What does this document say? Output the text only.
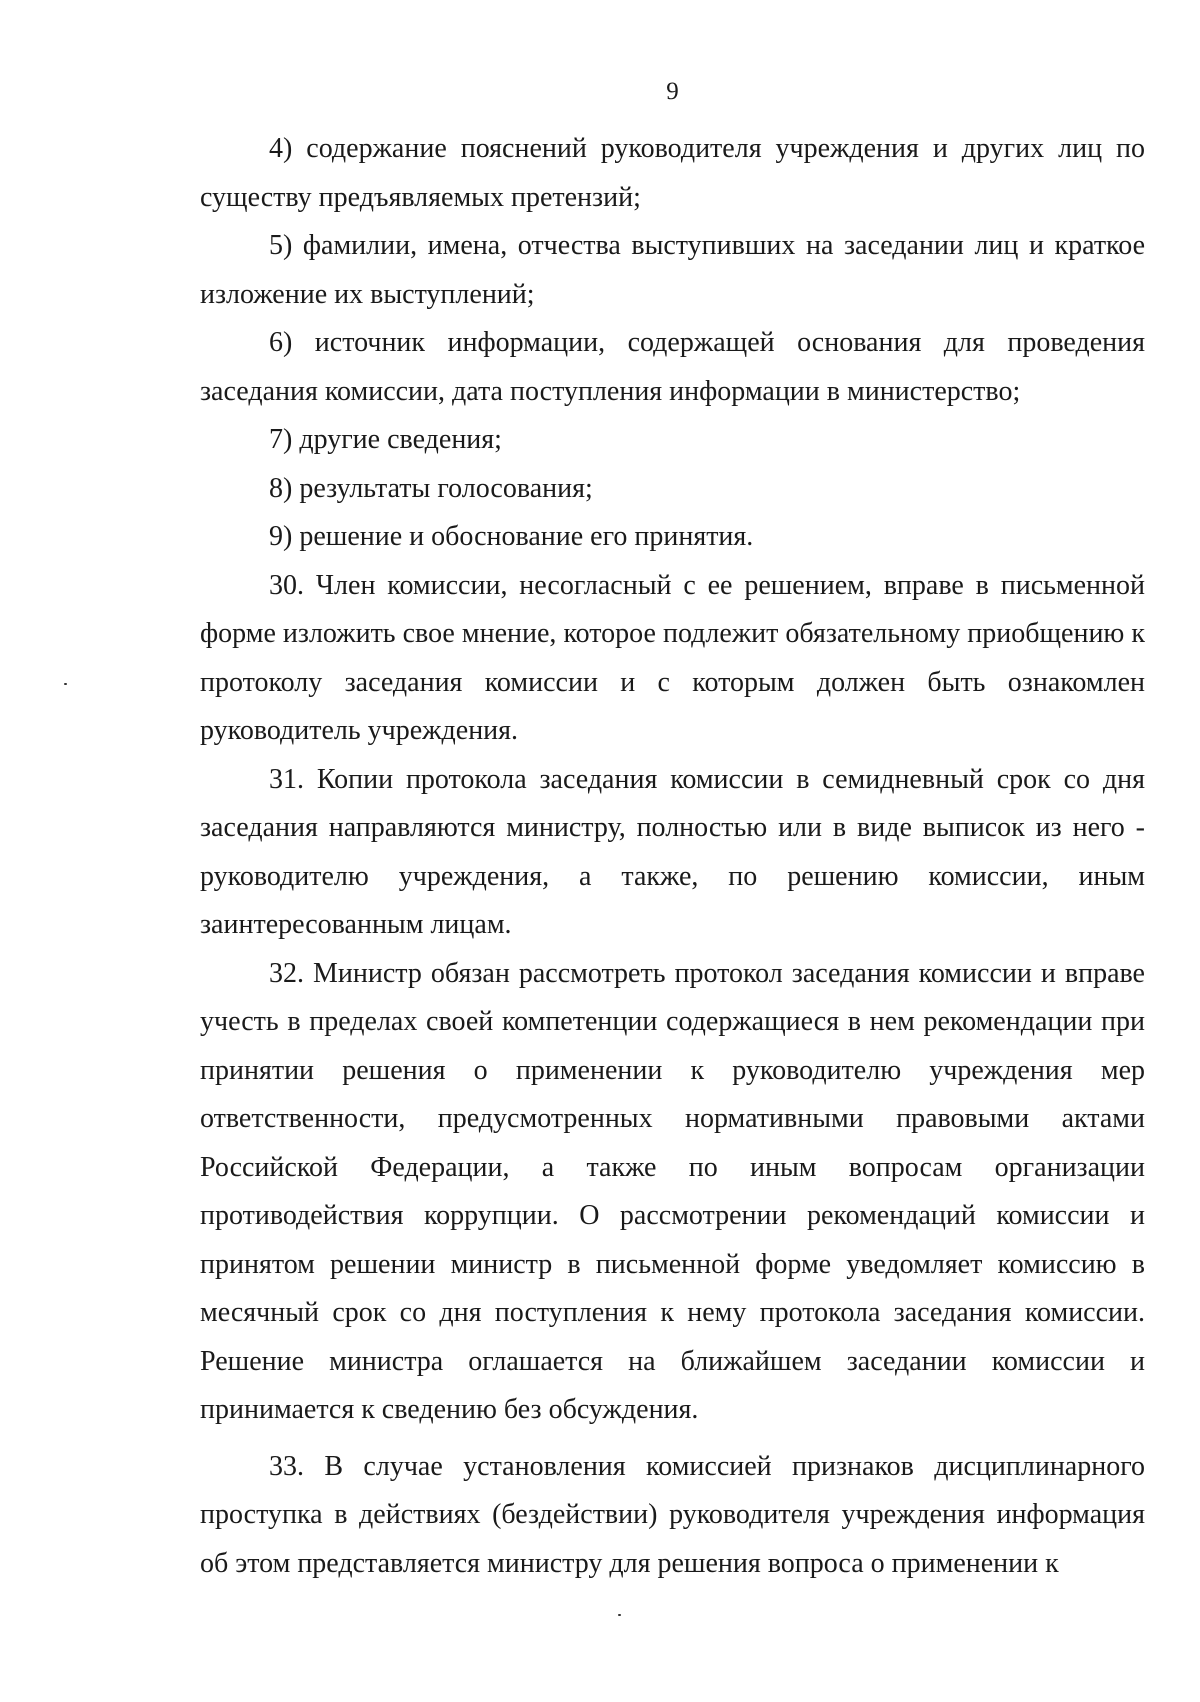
9

4) содержание пояснений руководителя учреждения и других лиц по существу предъявляемых претензий;

5) фамилии, имена, отчества выступивших на заседании лиц и краткое изложение их выступлений;

6) источник информации, содержащей основания для проведения заседания комиссии, дата поступления информации в министерство;

7) другие сведения;

8) результаты голосования;

9) решение и обоснование его принятия.

30. Член комиссии, несогласный с ее решением, вправе в письменной форме изложить свое мнение, которое подлежит обязательному приобщению к протоколу заседания комиссии и с которым должен быть ознакомлен руководитель учреждения.

31. Копии протокола заседания комиссии в семидневный срок со дня заседания направляются министру, полностью или в виде выписок из него - руководителю учреждения, а также, по решению комиссии, иным заинтересованным лицам.

32. Министр обязан рассмотреть протокол заседания комиссии и вправе учесть в пределах своей компетенции содержащиеся в нем рекомендации при принятии решения о применении к руководителю учреждения мер ответственности, предусмотренных нормативными правовыми актами Российской Федерации, а также по иным вопросам организации противодействия коррупции. О рассмотрении рекомендаций комиссии и принятом решении министр в письменной форме уведомляет комиссию в месячный срок со дня поступления к нему протокола заседания комиссии. Решение министра оглашается на ближайшем заседании комиссии и принимается к сведению без обсуждения.

33. В случае установления комиссией признаков дисциплинарного проступка в действиях (бездействии) руководителя учреждения информация об этом представляется министру для решения вопроса о применении к
